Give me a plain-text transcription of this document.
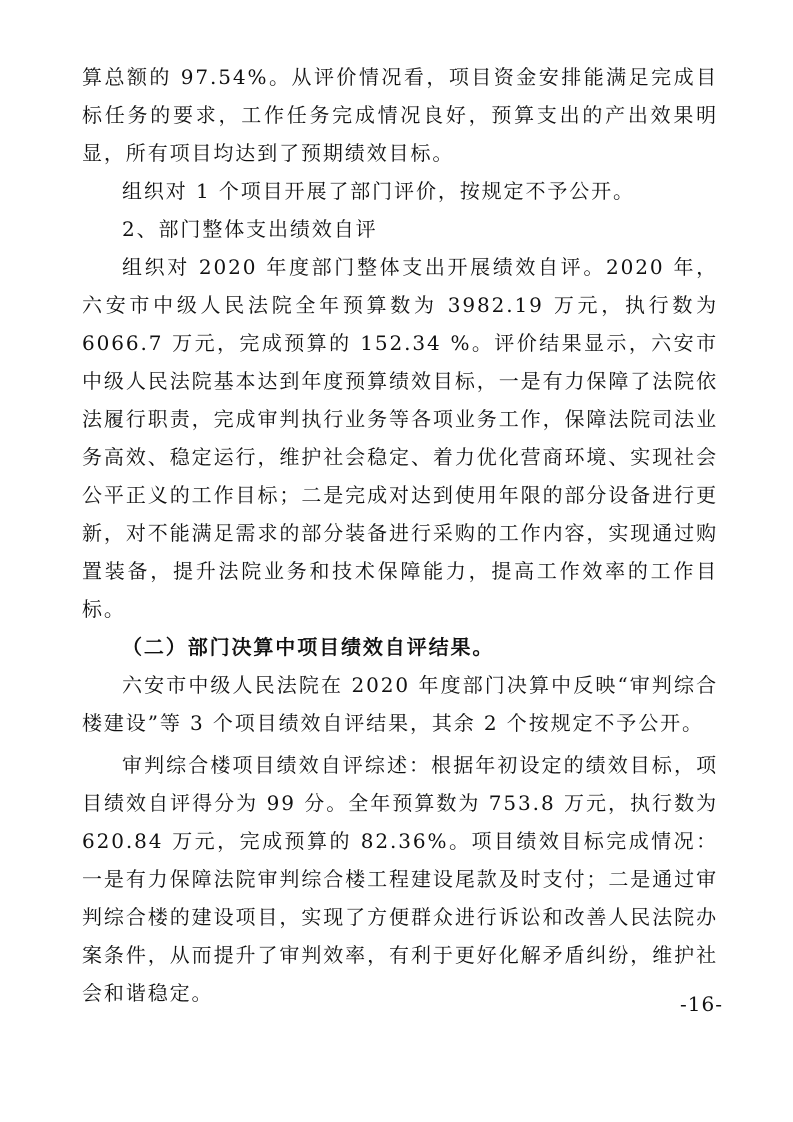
算总额的 97.54%。从评价情况看，项目资金安排能满足完成目标任务的要求，工作任务完成情况良好，预算支出的产出效果明显，所有项目均达到了预期绩效目标。

组织对 1 个项目开展了部门评价，按规定不予公开。

2、部门整体支出绩效自评

组织对 2020 年度部门整体支出开展绩效自评。2020 年，六安市中级人民法院全年预算数为 3982.19 万元，执行数为 6066.7 万元，完成预算的 152.34 %。评价结果显示，六安市中级人民法院基本达到年度预算绩效目标，一是有力保障了法院依法履行职责，完成审判执行业务等各项业务工作，保障法院司法业务高效、稳定运行，维护社会稳定、着力优化营商环境、实现社会公平正义的工作目标；二是完成对达到使用年限的部分设备进行更新，对不能满足需求的部分装备进行采购的工作内容，实现通过购置装备，提升法院业务和技术保障能力，提高工作效率的工作目标。

（二）部门决算中项目绩效自评结果。

六安市中级人民法院在 2020 年度部门决算中反映“审判综合楼建设”等 3 个项目绩效自评结果，其余 2 个按规定不予公开。

审判综合楼项目绩效自评综述：根据年初设定的绩效目标，项目绩效自评得分为 99 分。全年预算数为 753.8 万元，执行数为 620.84 万元，完成预算的 82.36%。项目绩效目标完成情况：一是有力保障法院审判综合楼工程建设尾款及时支付；二是通过审判综合楼的建设项目，实现了方便群众进行诉讼和改善人民法院办案条件，从而提升了审判效率，有利于更好化解矛盾纠纷，维护社会和谐稳定。	-16-
